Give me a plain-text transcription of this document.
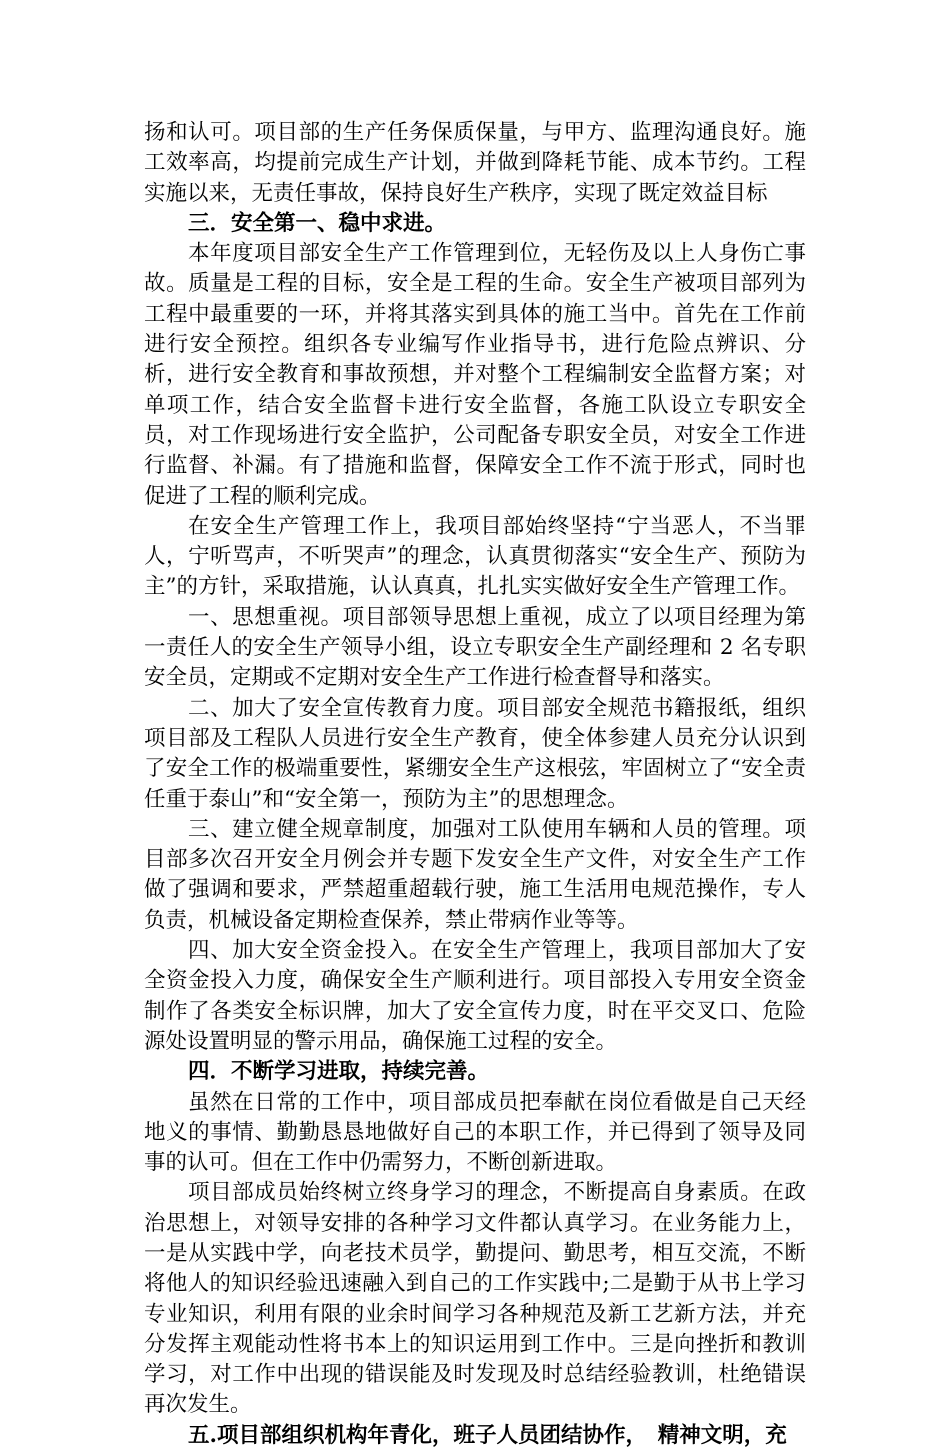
扬和认可。项目部的生产任务保质保量，与甲方、监理沟通良好。施工效率高，均提前完成生产计划，并做到降耗节能、成本节约。工程实施以来，无责任事故，保持良好生产秩序，实现了既定效益目标

三．安全第一、稳中求进。

本年度项目部安全生产工作管理到位，无轻伤及以上人身伤亡事故。质量是工程的目标，安全是工程的生命。安全生产被项目部列为工程中最重要的一环，并将其落实到具体的施工当中。首先在工作前进行安全预控。组织各专业编写作业指导书，进行危险点辨识、分析，进行安全教育和事故预想，并对整个工程编制安全监督方案；对单项工作，结合安全监督卡进行安全监督，各施工队设立专职安全员，对工作现场进行安全监护，公司配备专职安全员，对安全工作进行监督、补漏。有了措施和监督，保障安全工作不流于形式，同时也促进了工程的顺利完成。

在安全生产管理工作上，我项目部始终坚持“宁当恶人，不当罪人，宁听骂声，不听哭声”的理念，认真贯彻落实“安全生产、预防为主”的方针，采取措施，认认真真，扎扎实实做好安全生产管理工作。

一、思想重视。项目部领导思想上重视，成立了以项目经理为第一责任人的安全生产领导小组，设立专职安全生产副经理和 2 名专职安全员，定期或不定期对安全生产工作进行检查督导和落实。

二、加大了安全宣传教育力度。项目部安全规范书籍报纸，组织项目部及工程队人员进行安全生产教育，使全体参建人员充分认识到了安全工作的极端重要性，紧绷安全生产这根弦，牢固树立了“安全责任重于泰山”和“安全第一，预防为主”的思想理念。

三、建立健全规章制度，加强对工队使用车辆和人员的管理。项目部多次召开安全月例会并专题下发安全生产文件，对安全生产工作做了强调和要求，严禁超重超载行驶，施工生活用电规范操作，专人负责，机械设备定期检查保养，禁止带病作业等等。

四、加大安全资金投入。在安全生产管理上，我项目部加大了安全资金投入力度，确保安全生产顺利进行。项目部投入专用安全资金制作了各类安全标识牌，加大了安全宣传力度，时在平交叉口、危险源处设置明显的警示用品，确保施工过程的安全。

四．不断学习进取，持续完善。

虽然在日常的工作中，项目部成员把奉献在岗位看做是自己天经地义的事情、勤勤恳恳地做好自己的本职工作，并已得到了领导及同事的认可。但在工作中仍需努力，不断创新进取。

项目部成员始终树立终身学习的理念，不断提高自身素质。在政治思想上，对领导安排的各种学习文件都认真学习。在业务能力上，一是从实践中学，向老技术员学，勤提问、勤思考，相互交流，不断将他人的知识经验迅速融入到自己的工作实践中;二是勤于从书上学习专业知识，利用有限的业余时间学习各种规范及新工艺新方法，并充分发挥主观能动性将书本上的知识运用到工作中。三是向挫折和教训学习，对工作中出现的错误能及时发现及时总结经验教训，杜绝错误再次发生。

五.项目部组织机构年青化，班子人员团结协作，　精神文明，充
